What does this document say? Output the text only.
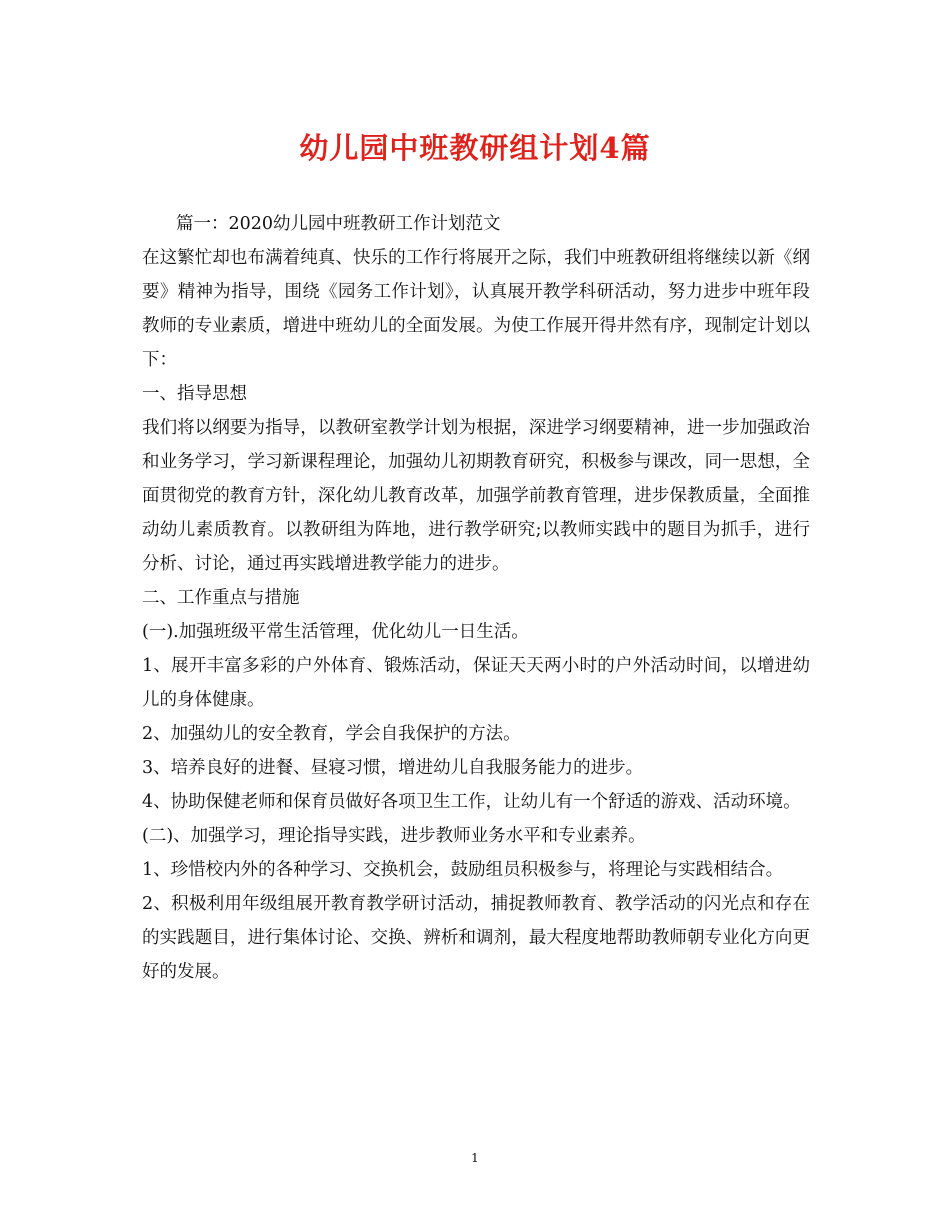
幼儿园中班教研组计划4篇

篇一：2020幼儿园中班教研工作计划范文

在这繁忙却也布满着纯真、快乐的工作行将展开之际，我们中班教研组将继续以新《纲要》精神为指导，围绕《园务工作计划》，认真展开教学科研活动，努力进步中班年段教师的专业素质，增进中班幼儿的全面发展。为使工作展开得井然有序，现制定计划以下：

一、指导思想

我们将以纲要为指导，以教研室教学计划为根据，深进学习纲要精神，进一步加强政治和业务学习，学习新课程理论，加强幼儿初期教育研究，积极参与课改，同一思想，全面贯彻党的教育方针，深化幼儿教育改革，加强学前教育管理，进步保教质量，全面推动幼儿素质教育。以教研组为阵地，进行教学研究;以教师实践中的题目为抓手，进行分析、讨论，通过再实践增进教学能力的进步。

二、工作重点与措施

(一).加强班级平常生活管理，优化幼儿一日生活。

1、展开丰富多彩的户外体育、锻炼活动，保证天天两小时的户外活动时间，以增进幼儿的身体健康。

2、加强幼儿的安全教育，学会自我保护的方法。

3、培养良好的进餐、昼寝习惯，增进幼儿自我服务能力的进步。

4、协助保健老师和保育员做好各项卫生工作，让幼儿有一个舒适的游戏、活动环境。

(二)、加强学习，理论指导实践，进步教师业务水平和专业素养。

1、珍惜校内外的各种学习、交换机会，鼓励组员积极参与，将理论与实践相结合。

2、积极利用年级组展开教育教学研讨活动，捕捉教师教育、教学活动的闪光点和存在的实践题目，进行集体讨论、交换、辨析和调剂，最大程度地帮助教师朝专业化方向更好的发展。

1
